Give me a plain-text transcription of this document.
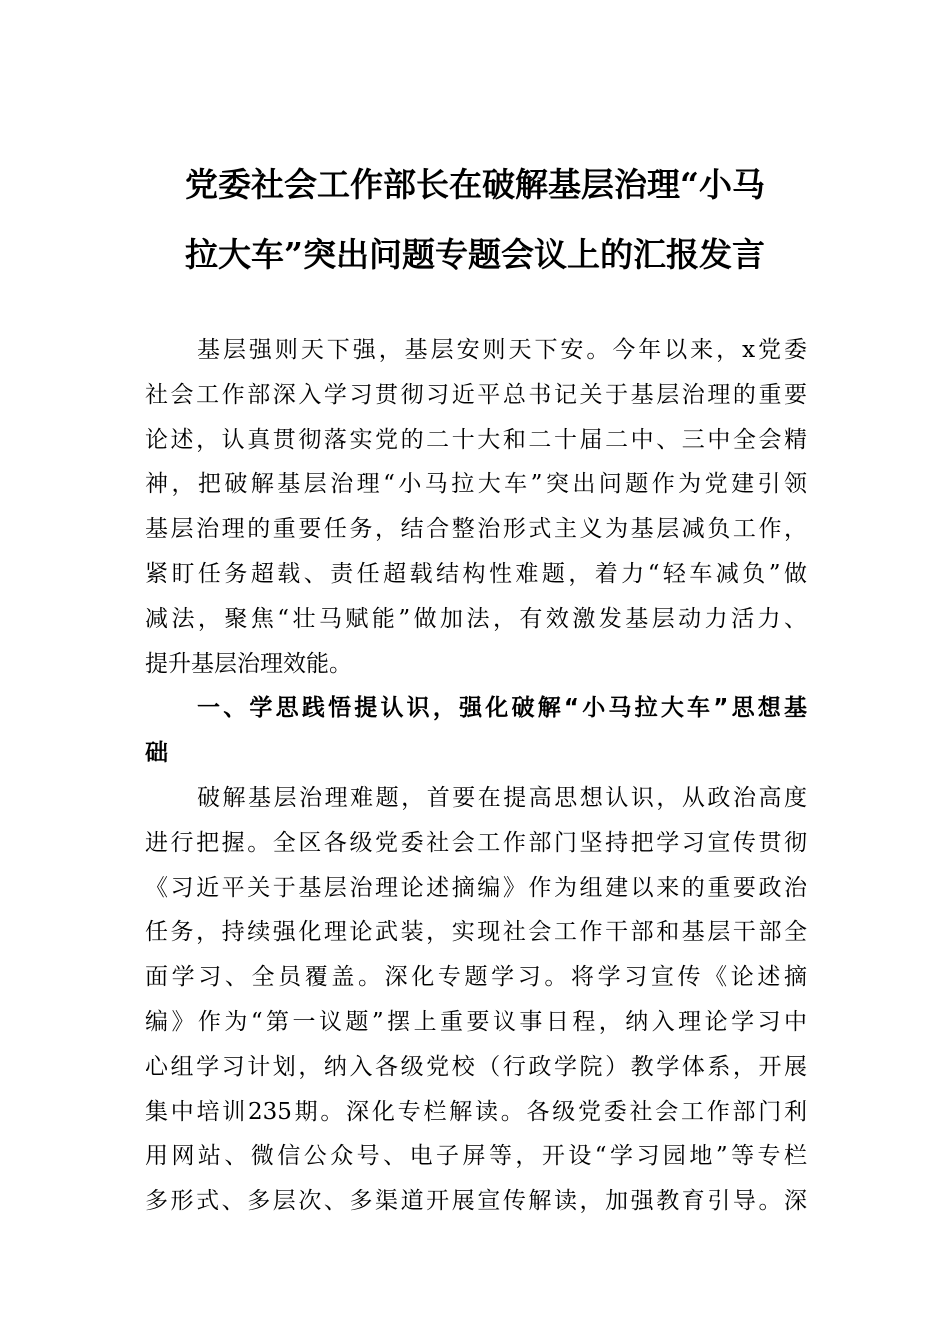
党委社会工作部长在破解基层治理“小马
拉大车”突出问题专题会议上的汇报发言
基层强则天下强，基层安则天下安。今年以来，x党委
社会工作部深入学习贯彻习近平总书记关于基层治理的重要
论述，认真贯彻落实党的二十大和二十届二中、三中全会精
神，把破解基层治理“小马拉大车”突出问题作为党建引领
基层治理的重要任务，结合整治形式主义为基层减负工作，
紧盯任务超载、责任超载结构性难题，着力“轻车减负”做
减法，聚焦“壮马赋能”做加法，有效激发基层动力活力、
提升基层治理效能。
一、学思践悟提认识，强化破解“小马拉大车”思想基
础
破解基层治理难题，首要在提高思想认识，从政治高度
进行把握。全区各级党委社会工作部门坚持把学习宣传贯彻
《习近平关于基层治理论述摘编》作为组建以来的重要政治
任务，持续强化理论武装，实现社会工作干部和基层干部全
面学习、全员覆盖。深化专题学习。将学习宣传《论述摘
编》作为“第一议题”摆上重要议事日程，纳入理论学习中
心组学习计划，纳入各级党校（行政学院）教学体系，开展
集中培训235期。深化专栏解读。各级党委社会工作部门利
用网站、微信公众号、电子屏等，开设“学习园地”等专栏
多形式、多层次、多渠道开展宣传解读，加强教育引导。深
